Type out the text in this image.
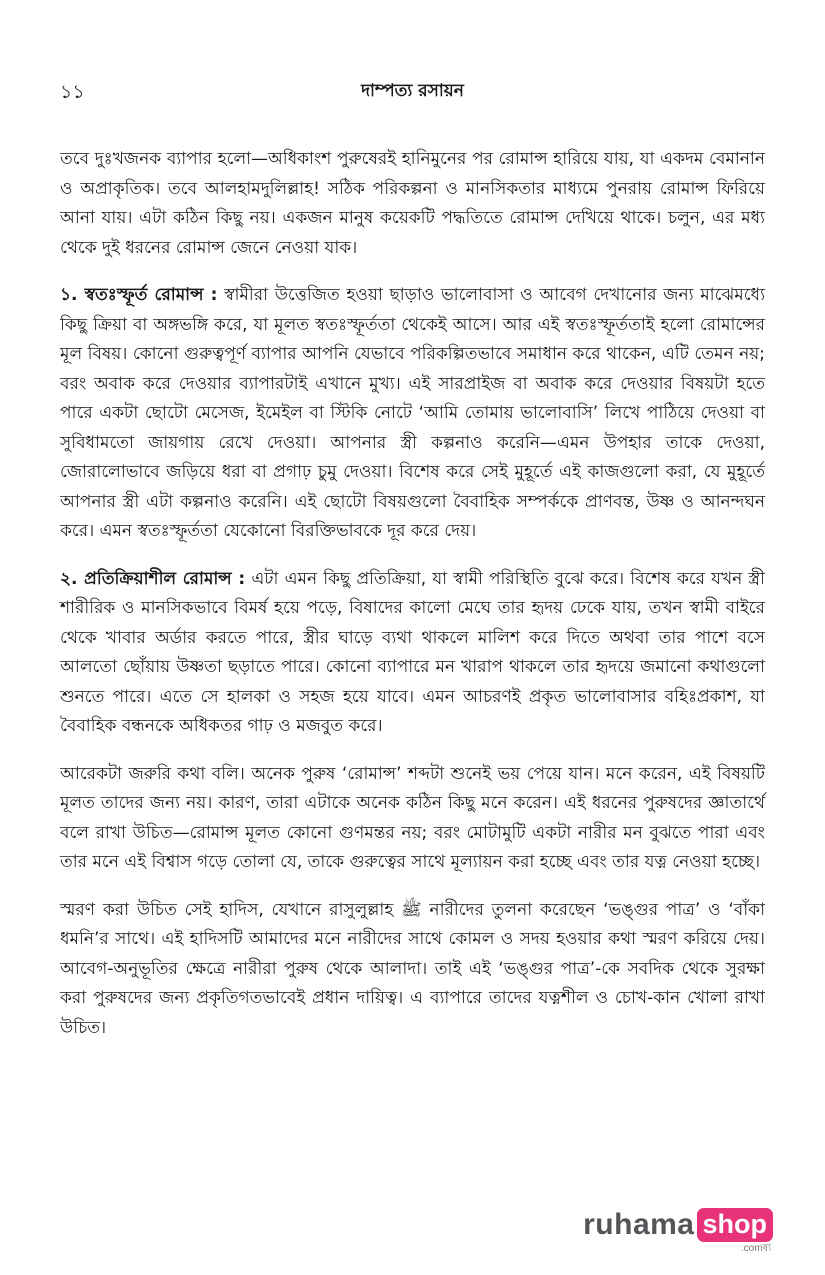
১১	দাম্পত্য রসায়ন

তবে দুঃখজনক ব্যাপার হলো—অধিকাংশ পুরুষেরই হানিমুনের পর রোমান্স হারিয়ে যায়, যা একদম বেমানান ও অপ্রাকৃতিক। তবে আলহামদুলিল্লাহ! সঠিক পরিকল্পনা ও মানসিকতার মাধ্যমে পুনরায় রোমান্স ফিরিয়ে আনা যায়। এটা কঠিন কিছু নয়। একজন মানুষ কয়েকটি পদ্ধতিতে রোমান্স দেখিয়ে থাকে। চলুন, এর মধ্য থেকে দুই ধরনের রোমান্স জেনে নেওয়া যাক।

১. স্বতঃস্ফূর্ত রোমান্স : স্বামীরা উত্তেজিত হওয়া ছাড়াও ভালোবাসা ও আবেগ দেখানোর জন্য মাঝেমধ্যে কিছু ক্রিয়া বা অঙ্গভঙ্গি করে, যা মূলত স্বতঃস্ফূর্ততা থেকেই আসে। আর এই স্বতঃস্ফূর্ততাই হলো রোমান্সের মূল বিষয়। কোনো গুরুত্বপূর্ণ ব্যাপার আপনি যেভাবে পরিকল্পিতভাবে সমাধান করে থাকেন, এটি তেমন নয়; বরং অবাক করে দেওয়ার ব্যাপারটাই এখানে মুখ্য। এই সারপ্রাইজ বা অবাক করে দেওয়ার বিষয়টা হতে পারে একটা ছোটো মেসেজ, ইমেইল বা স্টিকি নোটে ‘আমি তোমায় ভালোবাসি’ লিখে পাঠিয়ে দেওয়া বা সুবিধামতো জায়গায় রেখে দেওয়া। আপনার স্ত্রী কল্পনাও করেনি—এমন উপহার তাকে দেওয়া, জোরালোভাবে জড়িয়ে ধরা বা প্রগাঢ় চুমু দেওয়া। বিশেষ করে সেই মুহূর্তে এই কাজগুলো করা, যে মুহূর্তে আপনার স্ত্রী এটা কল্পনাও করেনি। এই ছোটো বিষয়গুলো বৈবাহিক সম্পর্ককে প্রাণবন্ত, উষ্ণ ও আনন্দঘন করে। এমন স্বতঃস্ফূর্ততা যেকোনো বিরক্তিভাবকে দূর করে দেয়।

২. প্রতিক্রিয়াশীল রোমান্স : এটা এমন কিছু প্রতিক্রিয়া, যা স্বামী পরিস্থিতি বুঝে করে। বিশেষ করে যখন স্ত্রী শারীরিক ও মানসিকভাবে বিমর্ষ হয়ে পড়ে, বিষাদের কালো মেঘে তার হৃদয় ঢেকে যায়, তখন স্বামী বাইরে থেকে খাবার অর্ডার করতে পারে, স্ত্রীর ঘাড়ে ব্যথা থাকলে মালিশ করে দিতে অথবা তার পাশে বসে আলতো ছোঁয়ায় উষ্ণতা ছড়াতে পারে। কোনো ব্যাপারে মন খারাপ থাকলে তার হৃদয়ে জমানো কথাগুলো শুনতে পারে। এতে সে হালকা ও সহজ হয়ে যাবে। এমন আচরণই প্রকৃত ভালোবাসার বহিঃপ্রকাশ, যা বৈবাহিক বন্ধনকে অধিকতর গাঢ় ও মজবুত করে।

আরেকটা জরুরি কথা বলি। অনেক পুরুষ ‘রোমান্স’ শব্দটা শুনেই ভয় পেয়ে যান। মনে করেন, এই বিষয়টি মূলত তাদের জন্য নয়। কারণ, তারা এটাকে অনেক কঠিন কিছু মনে করেন। এই ধরনের পুরুষদের জ্ঞাতার্থে বলে রাখা উচিত—রোমান্স মূলত কোনো গুণমন্তর নয়; বরং মোটামুটি একটা নারীর মন বুঝতে পারা এবং তার মনে এই বিশ্বাস গড়ে তোলা যে, তাকে গুরুত্বের সাথে মূল্যায়ন করা হচ্ছে এবং তার যত্ন নেওয়া হচ্ছে।

স্মরণ করা উচিত সেই হাদিস, যেখানে রাসুলুল্লাহ ﷺ নারীদের তুলনা করেছেন ‘ভঙ্গুর পাত্র’ ও ‘বাঁকা ধমনি’র সাথে। এই হাদিসটি আমাদের মনে নারীদের সাথে কোমল ও সদয় হওয়ার কথা স্মরণ করিয়ে দেয়। আবেগ-অনুভূতির ক্ষেত্রে নারীরা পুরুষ থেকে আলাদা। তাই এই ‘ভঙ্গুর পাত্র’-কে সবদিক থেকে সুরক্ষা করা পুরুষদের জন্য প্রকৃতিগতভাবেই প্রধান দায়িত্ব। এ ব্যাপারে তাদের যত্নশীল ও চোখ-কান খোলা রাখা উচিত।

ruhama shop
.comষ্য
